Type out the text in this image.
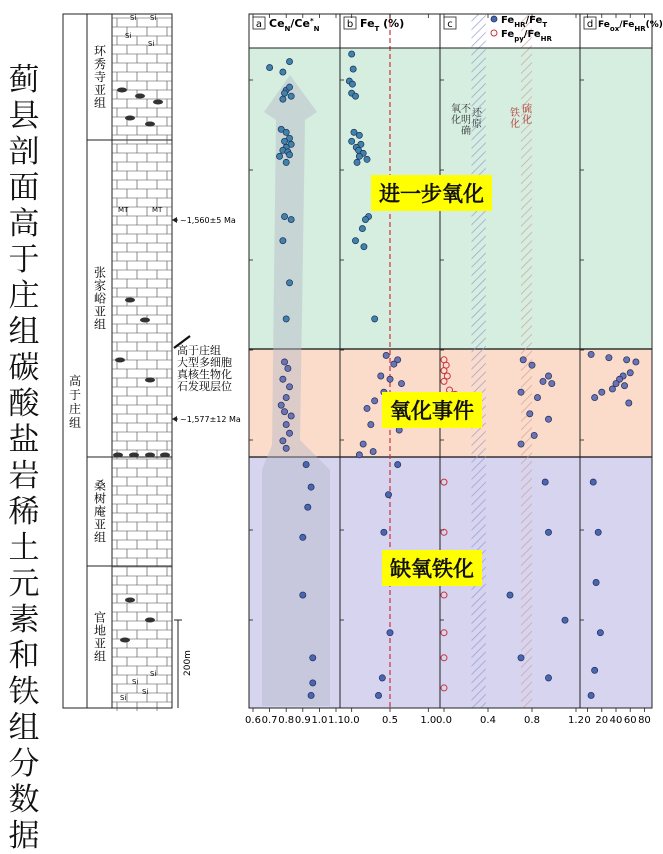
a
0.6 0.7 0.8 0.9 1.0 1.1
b
0.0 0.5 1.0
c
0.0	0.4	0.8	1.2
d
0 20 40 60 80
$Ce_N/Ce^*_N$	$Fe_T$ (%)	$Fe_{ox}/Fe_{HR}(\%)$
$Fe_{HR}/Fe_T$
$Fe_{py}/Fe_{HR}$
不
明
确
还
原
氧
化
铁
化
硫
化
环
秀
寺
亚
组
张
家
峪
亚
组
桑
树
庵
亚
组
官
地
亚
组
高
于
庄
组
Si Si
Si
Si
Si
Si
Si
Si
MT	MT
~1,560±5 Ma
~1,577±12 Ma
高于庄组
大型多细胞
真核生物化
石发现层位
200m
蓟县剖面高于庄组碳酸盐岩稀土元素和铁组分数据
进一步氧化
氧化事件
缺氧铁化
